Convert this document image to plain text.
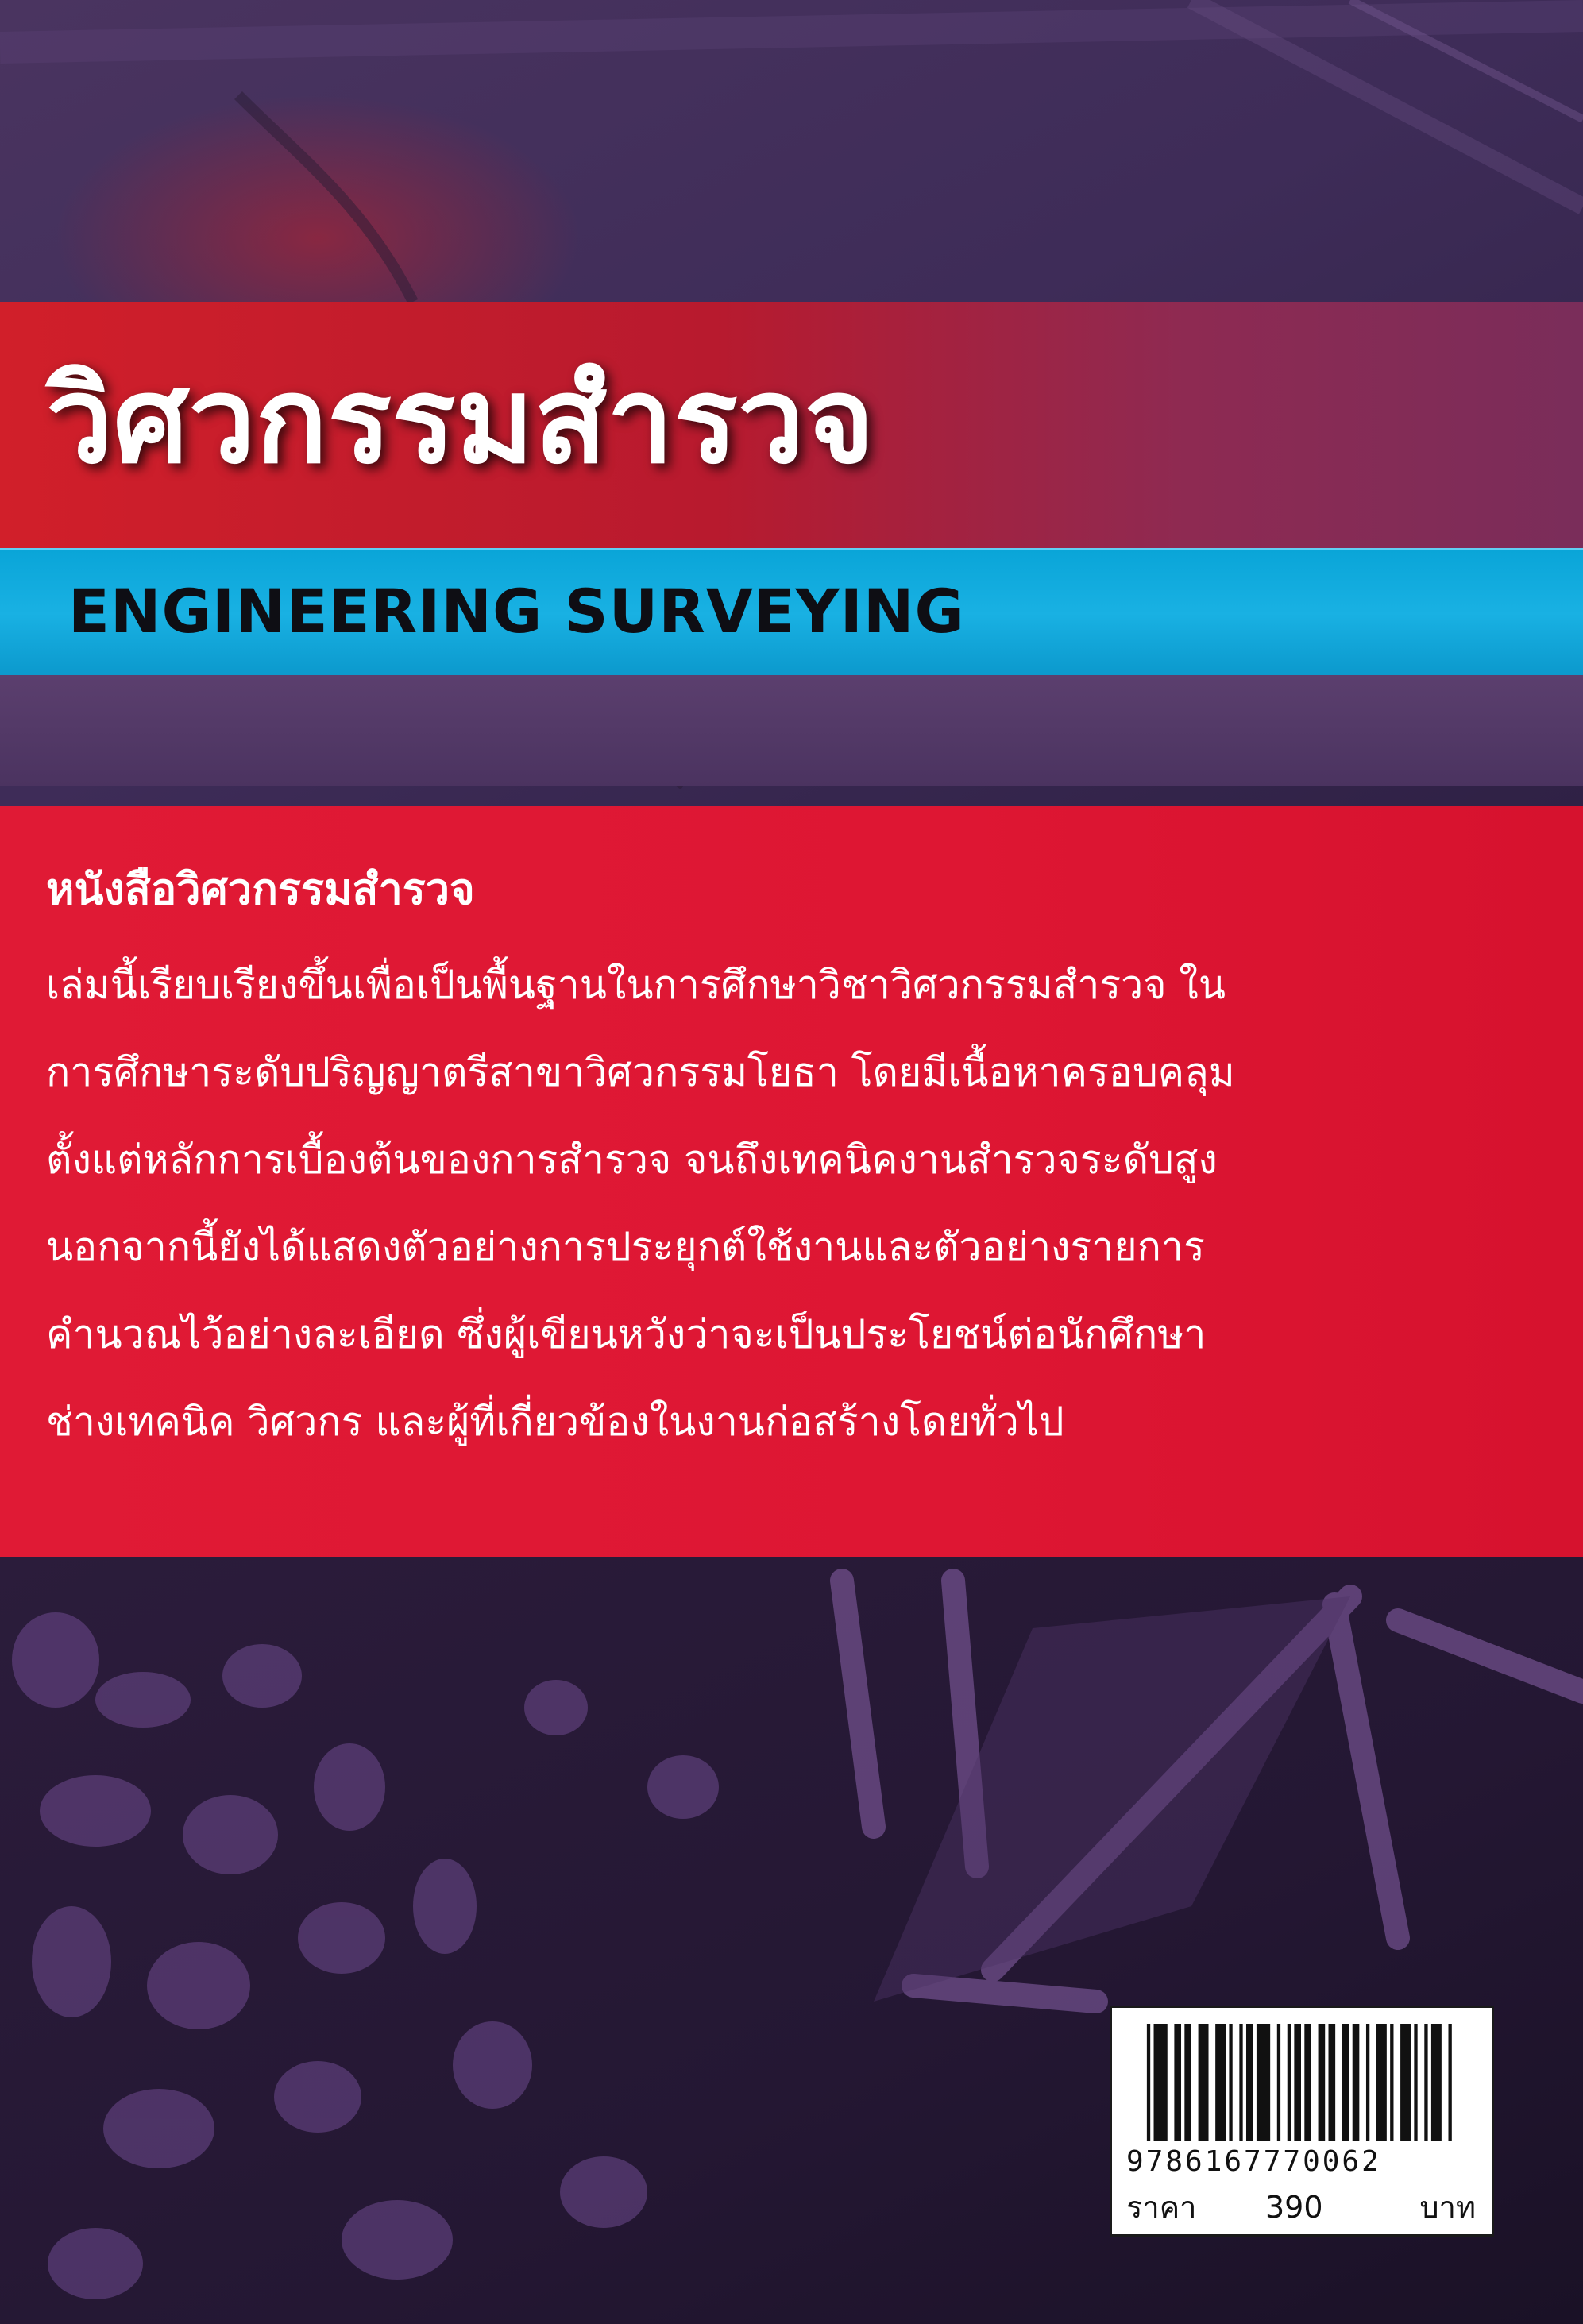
วิศวกรรมสำรวจ
ENGINEERING SURVEYING
หนังสือวิศวกรรมสำรวจ
เล่มนี้เรียบเรียงขึ้นเพื่อเป็นพื้นฐานในการศึกษาวิชาวิศวกรรมสำรวจ ใน
การศึกษาระดับปริญญาตรีสาขาวิศวกรรมโยธา โดยมีเนื้อหาครอบคลุม
ตั้งแต่หลักการเบื้องต้นของการสำรวจ จนถึงเทคนิคงานสำรวจระดับสูง
นอกจากนี้ยังได้แสดงตัวอย่างการประยุกต์ใช้งานและตัวอย่างรายการ
คำนวณไว้อย่างละเอียด ซึ่งผู้เขียนหวังว่าจะเป็นประโยชน์ต่อนักศึกษา
ช่างเทคนิค วิศวกร และผู้ที่เกี่ยวข้องในงานก่อสร้างโดยทั่วไป
9786167770062
ราคา 390	บาท
